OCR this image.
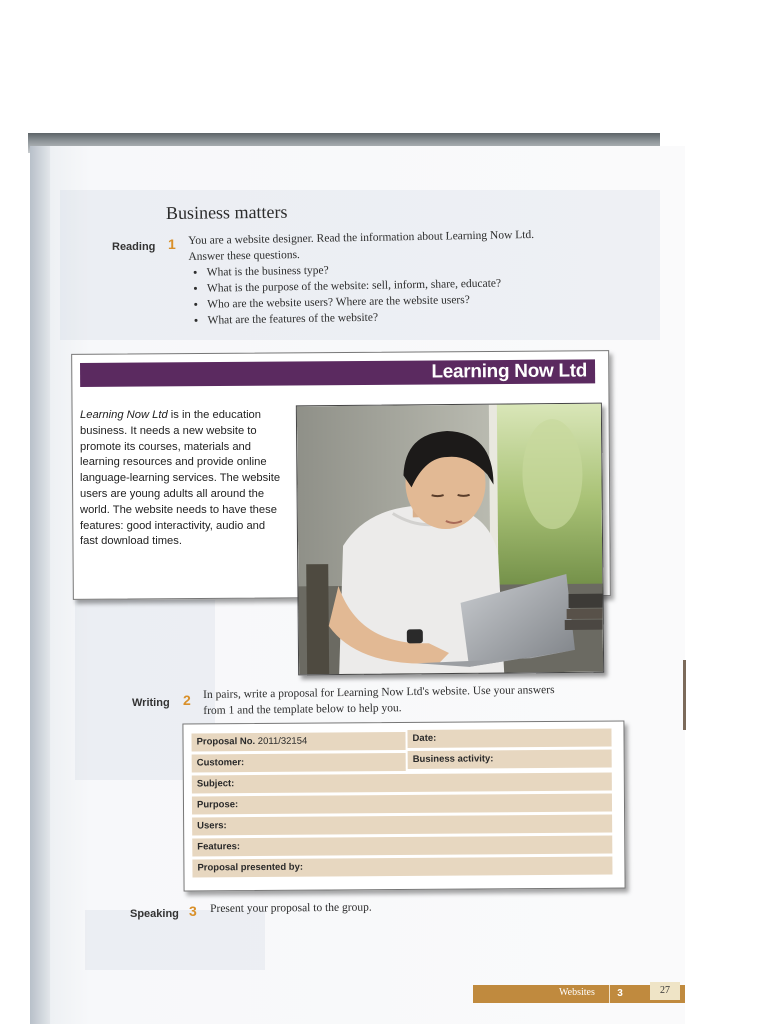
Business matters
Reading 1 You are a website designer. Read the information about Learning Now Ltd.
Answer these questions.
• What is the business type?
• What is the purpose of the website: sell, inform, share, educate?
• Who are the website users? Where are the website users?
• What are the features of the website?
Learning Now Ltd
Learning Now Ltd is in the education business. It needs a new website to promote its courses, materials and learning resources and provide online language-learning services. The website users are young adults all around the world. The website needs to have these features: good interactivity, audio and fast download times.
Writing 2 In pairs, write a proposal for Learning Now Ltd's website. Use your answers
from 1 and the template below to help you.
Proposal No. 2011/32154	Date:
Customer:	Business activity:
Subject:
Purpose:
Users:
Features:
Proposal presented by:
Speaking 3 Present your proposal to the group.
Websites	3	27
